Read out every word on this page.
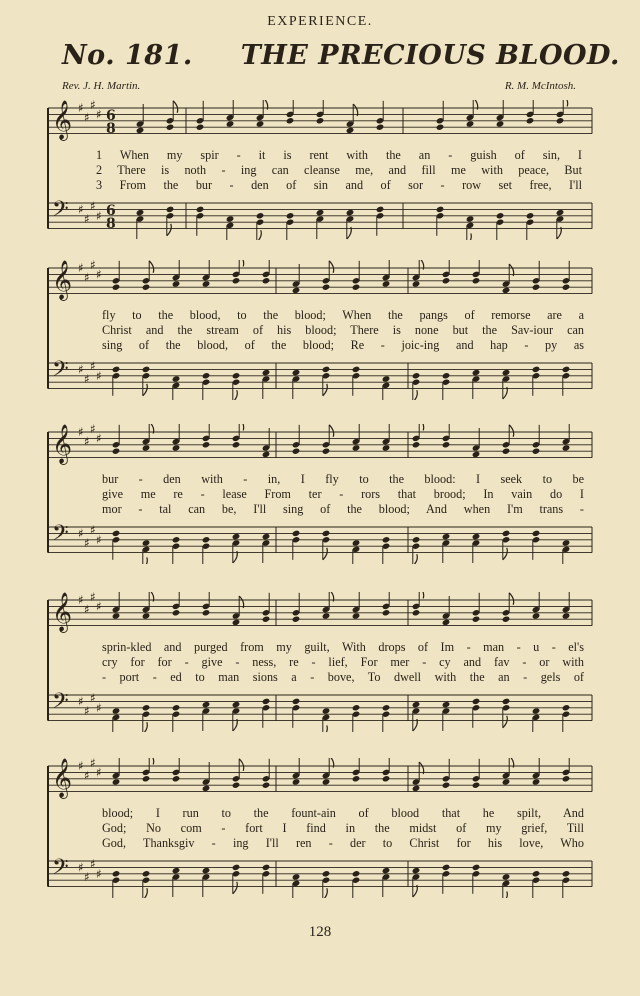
EXPERIENCE.
No. 181. THE PRECIOUS BLOOD.
Rev. J. H. Martin.	R. M. McIntosh.
𝄞 ♯
♯
♯
♯ 6
8
𝄢 ♯
♯
♯
♯ 6
8
1 When my spir - it is rent with the an - guish of sin, I
2 There is noth - ing can cleanse me, and fill me with peace, But
3 From the bur - den of sin and of sor - row set free, I'll
𝄞 ♯
♯
♯
♯
𝄢 ♯
♯
♯
♯
fly to the blood, to the blood; When the pangs of remorse are a
Christ and the stream of his blood; There is none but the Sav-iour can
sing of the blood, of the blood; Re - joic-ing and hap - py as
𝄞 ♯
♯
♯
♯
𝄢 ♯
♯
♯
♯
bur - den with - in, I fly to the blood: I seek to be
give me re - lease From ter - rors that brood; In vain do I
mor - tal can be, I'll sing of the blood; And when I'm trans -
𝄞 ♯
♯
♯
♯
𝄢 ♯
♯
♯
♯
sprin-kled and purged from my guilt, With drops of Im - man - u - el's
cry for for - give - ness, re - lief, For mer - cy and fav - or with
- port - ed to man sions a - bove, To dwell with the an - gels of
𝄞 ♯
♯
♯
♯
𝄢 ♯
♯
♯
♯
blood; I run to the fount-ain of blood that he spilt, And
God; No com - fort I find in the midst of my grief, Till
God, Thanksgiv - ing I'll ren - der to Christ for his love, Who
128
